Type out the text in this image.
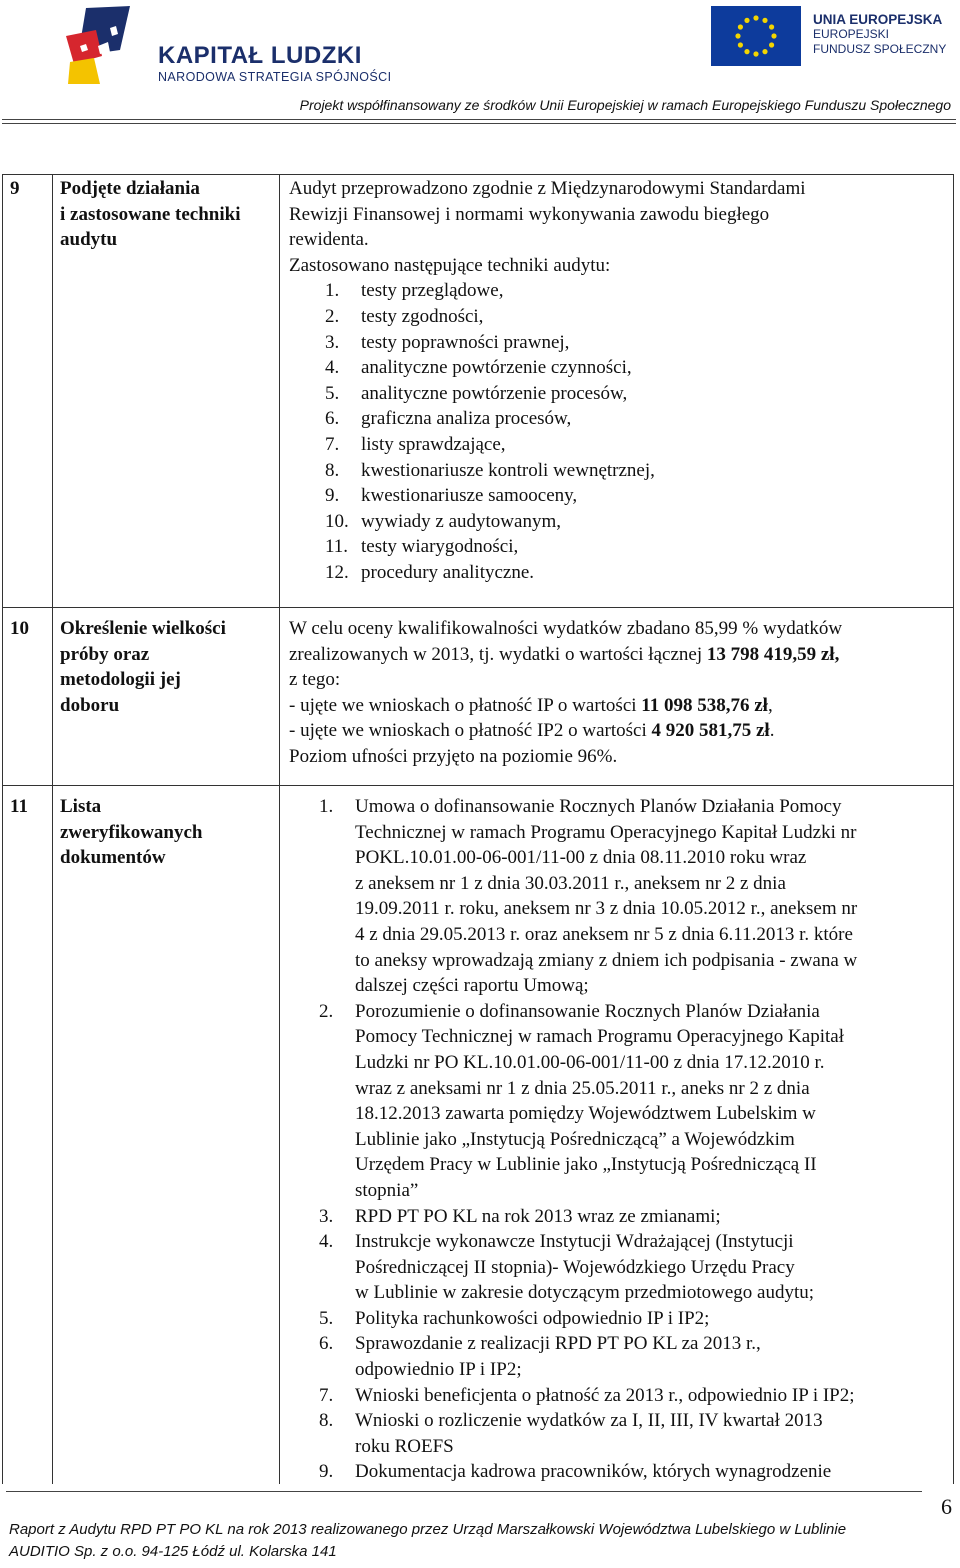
KAPITAŁ LUDZKI
NARODOWA STRATEGIA SPÓJNOŚCI
UNIA EUROPEJSKA
EUROPEJSKI
FUNDUSZ SPOŁECZNY
Projekt współfinansowany ze środków Unii Europejskiej w ramach Europejskiego Funduszu Społecznego
9 Podjęte działania
i zastosowane techniki
audytu
Audyt przeprowadzono zgodnie z Międzynarodowymi Standardami
Rewizji Finansowej i normami wykonywania zawodu biegłego
rewidenta.
Zastosowano następujące techniki audytu:
1. testy przeglądowe,
2. testy zgodności,
3. testy poprawności prawnej,
4. analityczne powtórzenie czynności,
5. analityczne powtórzenie procesów,
6. graficzna analiza procesów,
7. listy sprawdzające,
8. kwestionariusze kontroli wewnętrznej,
9. kwestionariusze samooceny,
10. wywiady z audytowanym,
11. testy wiarygodności,
12. procedury analityczne.
10 Określenie wielkości
próby oraz
metodologii jej
doboru
W celu oceny kwalifikowalności wydatków zbadano 85,99 % wydatków
zrealizowanych w 2013, tj. wydatki o wartości łącznej 13 798 419,59 zł,
z tego:
- ujęte we wnioskach o płatność IP o wartości 11 098 538,76 zł,
- ujęte we wnioskach o płatność IP2 o wartości 4 920 581,75 zł.
Poziom ufności przyjęto na poziomie 96%.
11 Lista
zweryfikowanych
dokumentów
1. Umowa o dofinansowanie Rocznych Planów Działania Pomocy
Technicznej w ramach Programu Operacyjnego Kapitał Ludzki nr
POKL.10.01.00-06-001/11-00 z dnia 08.11.2010 roku wraz
z aneksem nr 1 z dnia 30.03.2011 r., aneksem nr 2 z dnia
19.09.2011 r. roku, aneksem nr 3 z dnia 10.05.2012 r., aneksem nr
4 z dnia 29.05.2013 r. oraz aneksem nr 5 z dnia 6.11.2013 r. które
to aneksy wprowadzają zmiany z dniem ich podpisania - zwana w
dalszej części raportu Umową;
2. Porozumienie o dofinansowanie Rocznych Planów Działania
Pomocy Technicznej w ramach Programu Operacyjnego Kapitał
Ludzki nr PO KL.10.01.00-06-001/11-00 z dnia 17.12.2010 r.
wraz z aneksami nr 1 z dnia 25.05.2011 r., aneks nr 2 z dnia
18.12.2013 zawarta pomiędzy Województwem Lubelskim w
Lublinie jako „Instytucją Pośredniczącą” a Wojewódzkim
Urzędem Pracy w Lublinie jako „Instytucją Pośredniczącą II
stopnia”
3. RPD PT PO KL na rok 2013 wraz ze zmianami;
4. Instrukcje wykonawcze Instytucji Wdrażającej (Instytucji
Pośredniczącej II stopnia)- Wojewódzkiego Urzędu Pracy
w Lublinie w zakresie dotyczącym przedmiotowego audytu;
5. Polityka rachunkowości odpowiednio IP i IP2;
6. Sprawozdanie z realizacji RPD PT PO KL za 2013 r.,
odpowiednio IP i IP2;
7. Wnioski beneficjenta o płatność za 2013 r., odpowiednio IP i IP2;
8. Wnioski o rozliczenie wydatków za I, II, III, IV kwartał 2013
roku ROEFS
9. Dokumentacja kadrowa pracowników, których wynagrodzenie
6
Raport z Audytu RPD PT PO KL na rok 2013 realizowanego przez Urząd Marszałkowski Województwa Lubelskiego w Lublinie
AUDITIO Sp. z o.o. 94-125 Łódź ul. Kolarska 141
